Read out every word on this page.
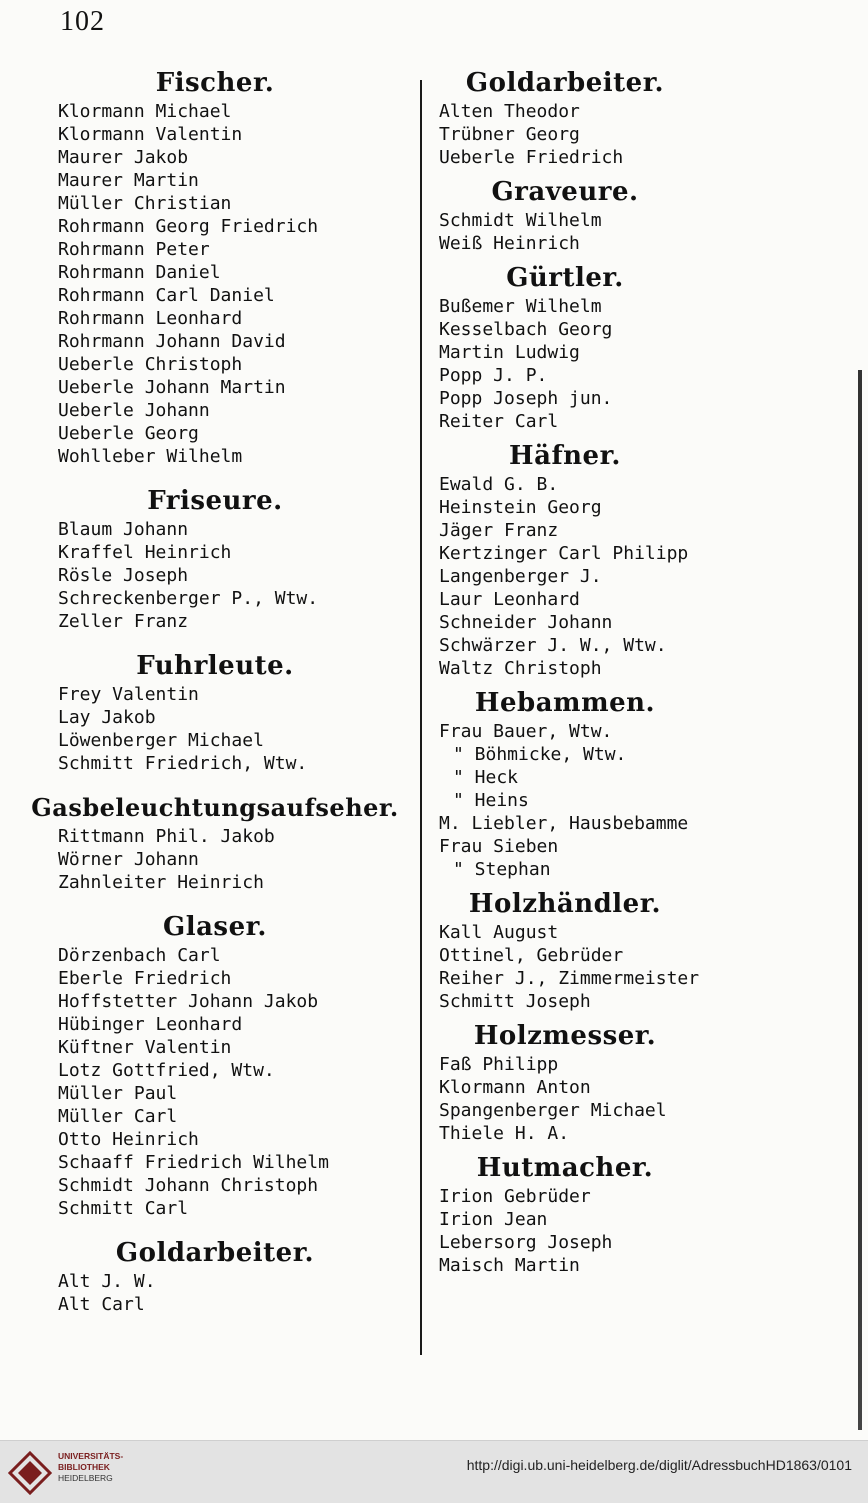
102
Fischer.
Klormann Michael
Klormann Valentin
Maurer Jakob
Maurer Martin
Müller Christian
Rohrmann Georg Friedrich
Rohrmann Peter
Rohrmann Daniel
Rohrmann Carl Daniel
Rohrmann Leonhard
Rohrmann Johann David
Ueberle Christoph
Ueberle Johann Martin
Ueberle Johann
Ueberle Georg
Wohlleber Wilhelm
Friseure.
Blaum Johann
Kraffel Heinrich
Rösle Joseph
Schreckenberger P., Wtw.
Zeller Franz
Fuhrleute.
Frey Valentin
Lay Jakob
Löwenberger Michael
Schmitt Friedrich, Wtw.
Gasbeleuchtungsaufseher.
Rittmann Phil. Jakob
Wörner Johann
Zahnleiter Heinrich
Glaser.
Dörzenbach Carl
Eberle Friedrich
Hoffstetter Johann Jakob
Hübinger Leonhard
Küftner Valentin
Lotz Gottfried, Wtw.
Müller Paul
Müller Carl
Otto Heinrich
Schaaff Friedrich Wilhelm
Schmidt Johann Christoph
Schmitt Carl
Goldarbeiter.
Alt J. W.
Alt Carl
Goldarbeiter.
Alten Theodor
Trübner Georg
Ueberle Friedrich
Graveure.
Schmidt Wilhelm
Weiß Heinrich
Gürtler.
Bußemer Wilhelm
Kesselbach Georg
Martin Ludwig
Popp J. P.
Popp Joseph jun.
Reiter Carl
Häfner.
Ewald G. B.
Heinstein Georg
Jäger Franz
Kertzinger Carl Philipp
Langenberger J.
Laur Leonhard
Schneider Johann
Schwärzer J. W., Wtw.
Waltz Christoph
Hebammen.
Frau Bauer, Wtw.
" Böhmicke, Wtw.
" Heck
" Heins
M. Liebler, Hausbebamme
Frau Sieben
" Stephan
Holzhändler.
Kall August
Ottinel, Gebrüder
Reiher J., Zimmermeister
Schmitt Joseph
Holzmesser.
Faß Philipp
Klormann Anton
Spangenberger Michael
Thiele H. A.
Hutmacher.
Irion Gebrüder
Irion Jean
Lebersorg Joseph
Maisch Martin
UNIVERSITÄTS-
BIBLIOTHEK
HEIDELBERG
http://digi.ub.uni-heidelberg.de/diglit/AdressbuchHD1863/0101
